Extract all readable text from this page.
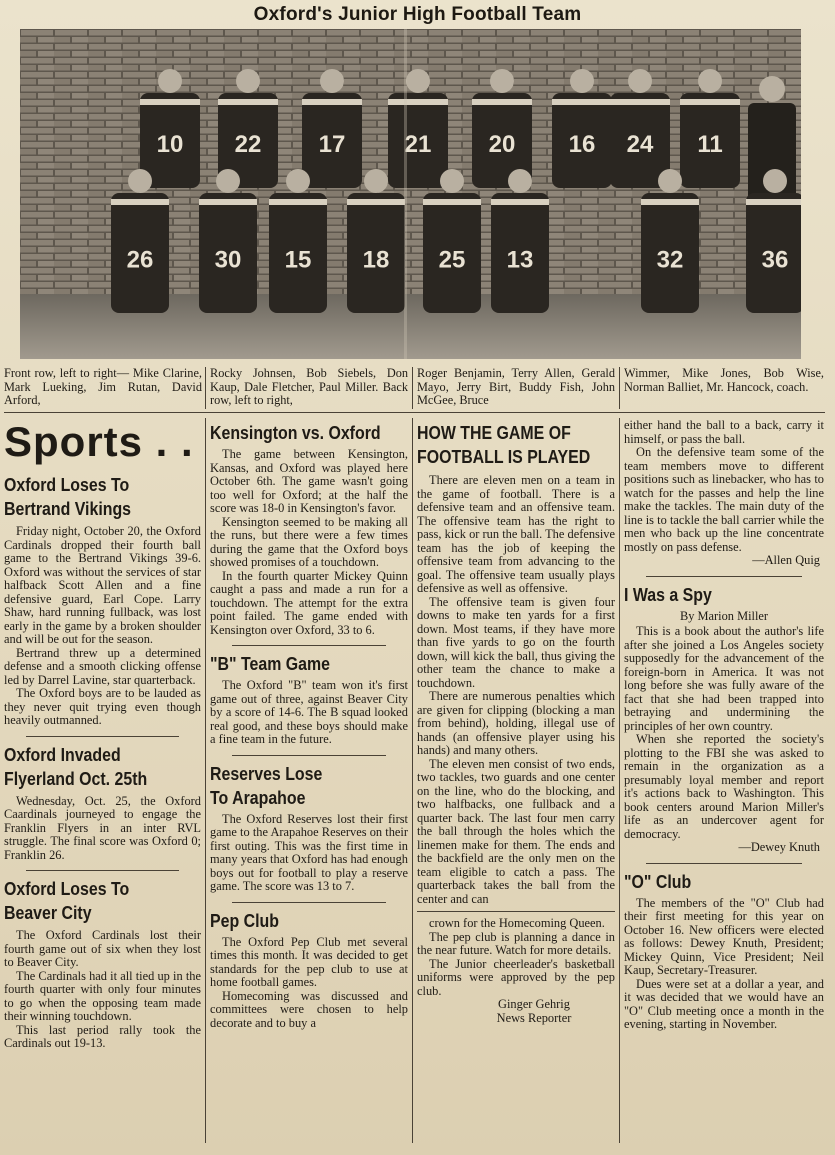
Oxford's Junior High Football Team
10 22 17 21 20 16 24 11
26	30 15 18 25 13	32	36
Front row, left to right— Mike Clarine, Mark Lueking, Jim Rutan, David Arford,
Rocky Johnsen, Bob Siebels, Don Kaup, Dale Fletcher, Paul Miller. Back row, left to right,
Roger Benjamin, Terry Allen, Gerald Mayo, Jerry Birt, Buddy Fish, John McGee, Bruce
Wimmer, Mike Jones, Bob Wise, Norman Balliet, Mr. Hancock, coach.
Sports . .
Oxford Loses To
Bertrand Vikings

Friday night, October 20, the Oxford Cardinals dropped their fourth ball game to the Bertrand Vikings 39-6. Oxford was without the services of star halfback Scott Allen and a fine defensive guard, Earl Cope. Larry Shaw, hard running fullback, was lost early in the game by a broken shoulder and will be out for the season.

Bertrand threw up a determined defense and a smooth clicking offense led by Darrel Lavine, star quarterback.

The Oxford boys are to be lauded as they never quit trying even though heavily outmanned.

Oxford Invaded
Flyerland Oct. 25th

Wednesday, Oct. 25, the Oxford Caardinals journeyed to engage the Franklin Flyers in an inter RVL struggle. The final score was Oxford 0; Franklin 26.

Oxford Loses To
Beaver City

The Oxford Cardinals lost their fourth game out of six when they lost to Beaver City.

The Cardinals had it all tied up in the fourth quarter with only four minutes to go when the opposing team made their winning touchdown.

This last period rally took the Cardinals out 19-13.

Kensington vs. Oxford

The game between Kensington, Kansas, and Oxford was played here October 6th. The game wasn't going too well for Oxford; at the half the score was 18-0 in Kensington's favor.

Kensington seemed to be making all the runs, but there were a few times during the game that the Oxford boys showed promises of a touchdown.

In the fourth quarter Mickey Quinn caught a pass and made a run for a touchdown. The attempt for the extra point failed. The game ended with Kensington over Oxford, 33 to 6.

"B" Team Game

The Oxford "B" team won it's first game out of three, against Beaver City by a score of 14-6. The B squad looked real good, and these boys should make a fine team in the future.

Reserves Lose
To Arapahoe

The Oxford Reserves lost their first game to the Arapahoe Reserves on their first outing. This was the first time in many years that Oxford has had enough boys out for football to play a reserve game. The score was 13 to 7.

Pep Club

The Oxford Pep Club met several times this month. It was decided to get standards for the pep club to use at home football games.

Homecoming was discussed and committees were chosen to help decorate and to buy a

HOW THE GAME OF
FOOTBALL IS PLAYED

There are eleven men on a team in the game of football. There is a defensive team and an offensive team. The offensive team has the right to pass, kick or run the ball. The defensive team has the job of keeping the offensive team from advancing to the goal. The offensive team usually plays defensive as well as offensive.

The offensive team is given four downs to make ten yards for a first down. Most teams, if they have more than five yards to go on the fourth down, will kick the ball, thus giving the other team the chance to make a touchdown.

There are numerous penalties which are given for clipping (blocking a man from behind), holding, illegal use of hands (an offensive player using his hands) and many others.

The eleven men consist of two ends, two tackles, two guards and one center on the line, who do the blocking, and two halfbacks, one fullback and a quarter back. The last four men carry the ball through the holes which the linemen make for them. The ends and the backfield are the only men on the team eligible to catch a pass. The quarterback takes the ball from the center and can

crown for the Homecoming Queen.

The pep club is planning a dance in the near future. Watch for more details.

The Junior cheerleader's basketball uniforms were approved by the pep club.

Ginger Gehrig

News Reporter

either hand the ball to a back, carry it himself, or pass the ball.

On the defensive team some of the team members move to different positions such as linebacker, who has to watch for the passes and help the line make the tackles. The main duty of the line is to tackle the ball carrier while the men who back up the line concentrate mostly on pass defense.

—Allen Quig

I Was a Spy
By Marion Miller

This is a book about the author's life after she joined a Los Angeles society supposedly for the advancement of the foreign-born in America. It was not long before she was fully aware of the fact that she had been trapped into betraying and undermining the principles of her own country.

When she reported the society's plotting to the FBI she was asked to remain in the organization as a presumably loyal member and report it's actions back to Washington. This book centers around Marion Miller's life as an undercover agent for democracy.

—Dewey Knuth

"O" Club

The members of the "O" Club had their first meeting for this year on October 16. New officers were elected as follows: Dewey Knuth, President; Mickey Quinn, Vice President; Neil Kaup, Secretary-Treasurer.

Dues were set at a dollar a year, and it was decided that we would have an "O" Club meeting once a month in the evening, starting in November.
